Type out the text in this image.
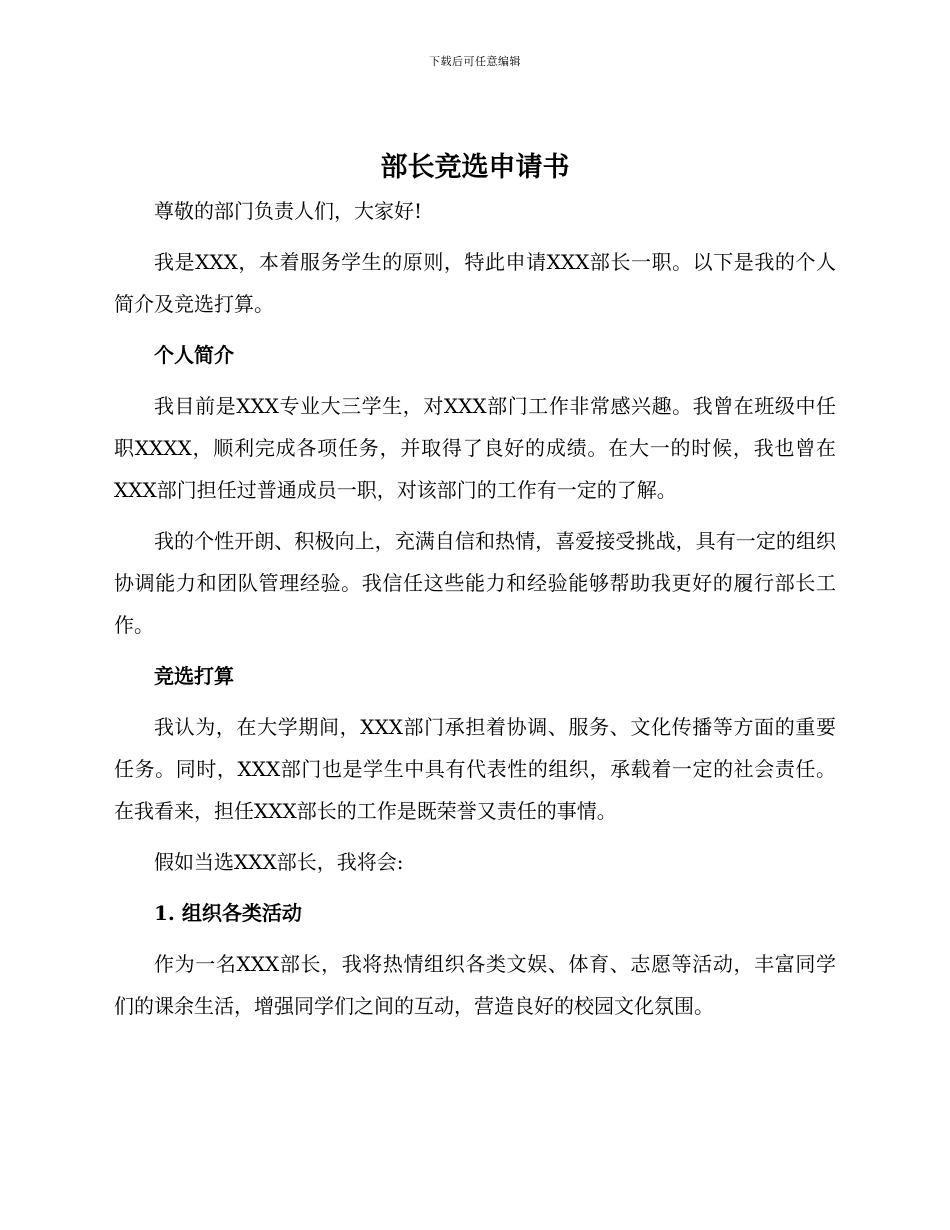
下载后可任意编辑
部长竞选申请书

尊敬的部门负责人们，大家好!

我是XXX，本着服务学生的原则，特此申请XXX部长一职。以下是我的个人简介及竞选打算。

个人简介

我目前是XXX专业大三学生，对XXX部门工作非常感兴趣。我曾在班级中任职XXXX，顺利完成各项任务，并取得了良好的成绩。在大一的时候，我也曾在XXX部门担任过普通成员一职，对该部门的工作有一定的了解。

我的个性开朗、积极向上，充满自信和热情，喜爱接受挑战，具有一定的组织协调能力和团队管理经验。我信任这些能力和经验能够帮助我更好的履行部长工作。

竞选打算

我认为，在大学期间，XXX部门承担着协调、服务、文化传播等方面的重要任务。同时，XXX部门也是学生中具有代表性的组织，承载着一定的社会责任。在我看来，担任XXX部长的工作是既荣誉又责任的事情。

假如当选XXX部长，我将会:

1. 组织各类活动

作为一名XXX部长，我将热情组织各类文娱、体育、志愿等活动，丰富同学们的课余生活，增强同学们之间的互动，营造良好的校园文化氛围。
